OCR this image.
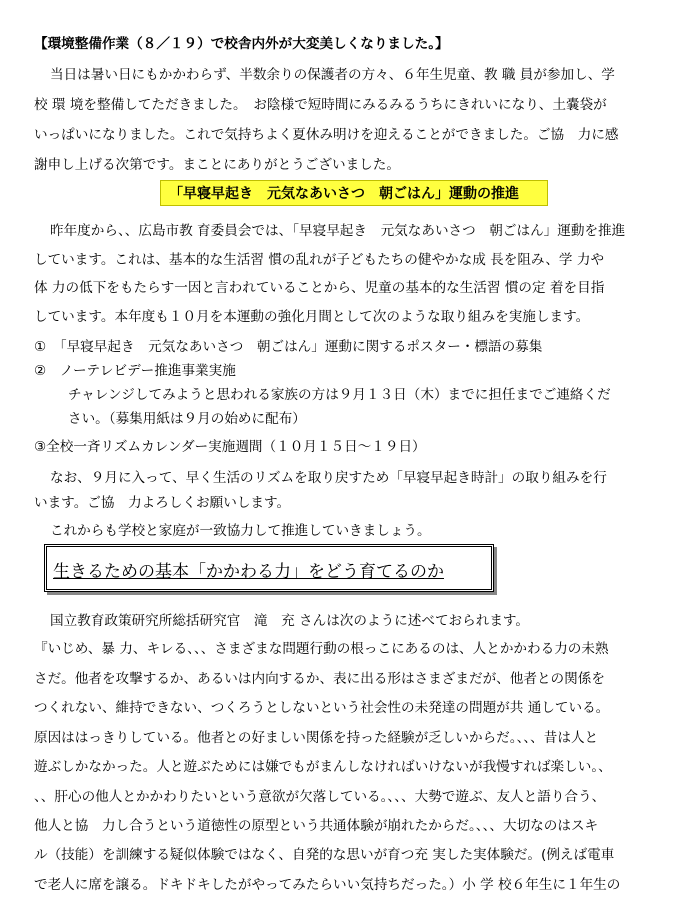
【環境整備作業（８／１９）で校舎内外が大変美しくなりました。】
当日は暑い日にもかかわらず、半数余りの保護者の方々、６年生児童、教 職 員が参加し、学
校 環 境を整備してただきました。　お陰様で短時間にみるみるうちにきれいになり、土嚢袋が
いっぱいになりました。これで気持ちよく夏休み明けを迎えることができました。ご協　力に感
謝申し上げる次第です。まことにありがとうございました。
「早寝早起き　元気なあいさつ　朝ごはん」運動の推進
昨年度から、、広島市教 育委員会では、「早寝早起き　元気なあいさつ　朝ごはん」運動を推進
しています。これは、基本的な生活習 慣の乱れが子どもたちの健やかな成 長を阻み、学 力や
体 力の低下をもたらす一因と言われていることから、児童の基本的な生活習 慣の定 着を目指
しています。本年度も１０月を本運動の強化月間として次のような取り組みを実施します。
①　「早寝早起き　元気なあいさつ　朝ごはん」運動に関するポスター・標語の募集
②　ノーテレビデー推進事業実施
チャレンジしてみようと思われる家族の方は９月１３日（木）までに担任までご連絡くだ
さい。（募集用紙は９月の始めに配布）
③全校一斉リズムカレンダー実施週間（１０月１５日～１９日）
なお、９月に入って、早く生活のリズムを取り戻すため「早寝早起き時計」の取り組みを行
います。ご協　力よろしくお願いします。
これからも学校と家庭が一致協力して推進していきましょう。
生きるための基本「かかわる力」をどう育てるのか
国立教育政策研究所総括研究官　滝　充 さんは次のように述べておられます。
『いじめ、暴 力、キレる、、、さまざまな問題行動の根っこにあるのは、人とかかわる力の未熟
さだ。他者を攻撃するか、あるいは内向するか、表に出る形はさまざまだが、他者との関係を
つくれない、維持できない、つくろうとしないという社会性の未発達の問題が共 通している。
原因ははっきりしている。他者との好ましい関係を持った経験が乏しいからだ。、、、昔は人と
遊ぶしかなかった。人と遊ぶためには嫌でもがまんしなければいけないが我慢すれば楽しい。、
、、肝心の他人とかかわりたいという意欲が欠落している。、、、大勢で遊ぶ、友人と語り合う、
他人と協　力し合うという道徳性の原型という共通体験が崩れたからだ。、、、大切なのはスキ
ル（技能）を訓練する疑似体験ではなく、自発的な思いが育つ充 実した実体験だ。(例えば電車
で老人に席を譲る。ドキドキしたがやってみたらいい気持ちだった。）小 学 校６年生に１年生の
